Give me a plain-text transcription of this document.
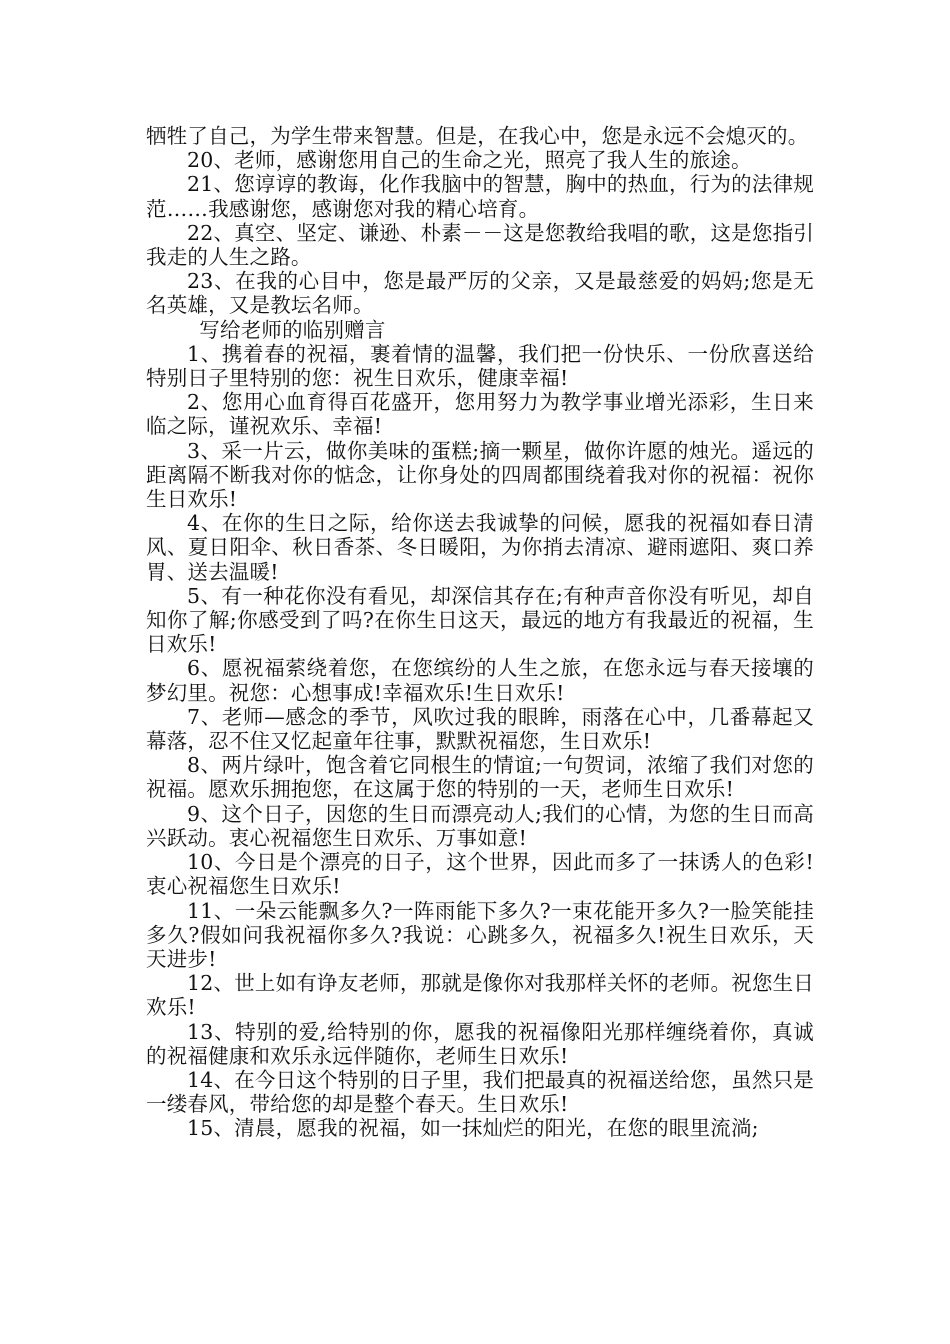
牺牲了自己，为学生带来智慧。但是，在我心中，您是永远不会熄灭的。

20、老师，感谢您用自己的生命之光，照亮了我人生的旅途。

21、您谆谆的教诲，化作我脑中的智慧，胸中的热血，行为的法律规范……我感谢您，感谢您对我的精心培育。

22、真空、坚定、谦逊、朴素－－这是您教给我唱的歌，这是您指引我走的人生之路。

23、在我的心目中，您是最严厉的父亲，又是最慈爱的妈妈;您是无名英雄，又是教坛名师。

写给老师的临别赠言

1、携着春的祝福，裹着情的温馨，我们把一份快乐、一份欣喜送给特别日子里特别的您：祝生日欢乐，健康幸福!

2、您用心血育得百花盛开，您用努力为教学事业增光添彩，生日来临之际，谨祝欢乐、幸福!

3、采一片云，做你美味的蛋糕;摘一颗星，做你许愿的烛光。遥远的距离隔不断我对你的惦念，让你身处的四周都围绕着我对你的祝福：祝你生日欢乐!

4、在你的生日之际，给你送去我诚挚的问候，愿我的祝福如春日清风、夏日阳伞、秋日香茶、冬日暖阳，为你捎去清凉、避雨遮阳、爽口养胃、送去温暖!

5、有一种花你没有看见，却深信其存在;有种声音你没有听见，却自知你了解;你感受到了吗?在你生日这天，最远的地方有我最近的祝福，生日欢乐!

6、愿祝福萦绕着您，在您缤纷的人生之旅，在您永远与春天接壤的梦幻里。祝您：心想事成!幸福欢乐!生日欢乐!

7、老师—感念的季节，风吹过我的眼眸，雨落在心中，几番幕起又幕落，忍不住又忆起童年往事，默默祝福您，生日欢乐!

8、两片绿叶，饱含着它同根生的情谊;一句贺词，浓缩了我们对您的祝福。愿欢乐拥抱您，在这属于您的特别的一天，老师生日欢乐!

9、这个日子，因您的生日而漂亮动人;我们的心情，为您的生日而高兴跃动。衷心祝福您生日欢乐、万事如意!

10、今日是个漂亮的日子，这个世界，因此而多了一抹诱人的色彩!衷心祝福您生日欢乐!

11、一朵云能飘多久?一阵雨能下多久?一束花能开多久?一脸笑能挂多久?假如问我祝福你多久?我说：心跳多久，祝福多久!祝生日欢乐，天天进步!

12、世上如有诤友老师，那就是像你对我那样关怀的老师。祝您生日欢乐!

13、特别的爱,给特别的你，愿我的祝福像阳光那样缠绕着你，真诚的祝福健康和欢乐永远伴随你，老师生日欢乐!

14、在今日这个特别的日子里，我们把最真的祝福送给您，虽然只是一缕春风，带给您的却是整个春天。生日欢乐!

15、清晨，愿我的祝福，如一抹灿烂的阳光，在您的眼里流淌;
